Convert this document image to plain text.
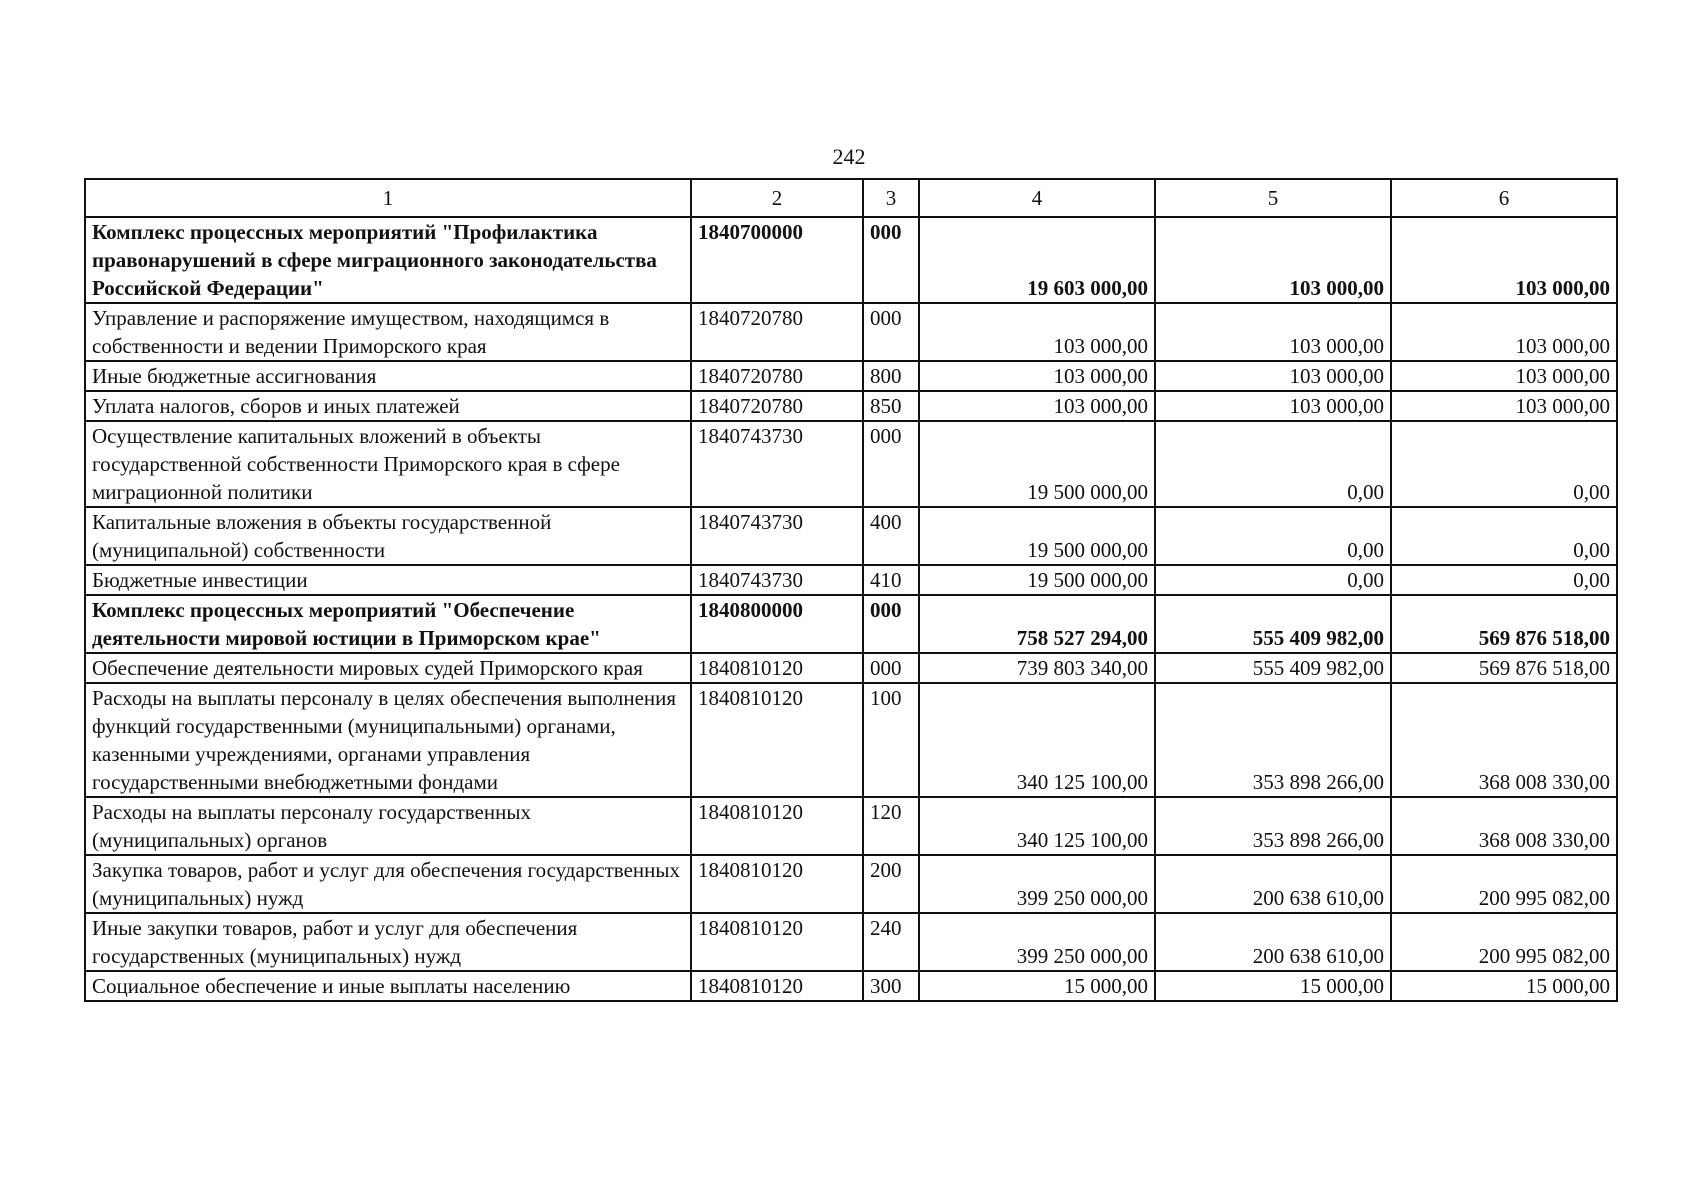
242
1	2	3	4	5	6
Комплекс процессных мероприятий "Профилактика правонарушений в сфере миграционного законодательства Российской Федерации"	1840700000	000	19 603 000,00	103 000,00	103 000,00
Управление и распоряжение имуществом, находящимся в собственности и ведении Приморского края	1840720780	000	103 000,00	103 000,00	103 000,00
Иные бюджетные ассигнования	1840720780	800	103 000,00	103 000,00	103 000,00
Уплата налогов, сборов и иных платежей	1840720780	850	103 000,00	103 000,00	103 000,00
Осуществление капитальных вложений в объекты государственной собственности Приморского края в сфере миграционной политики	1840743730	000	19 500 000,00	0,00	0,00
Капитальные вложения в объекты государственной (муниципальной) собственности	1840743730	400	19 500 000,00	0,00	0,00
Бюджетные инвестиции	1840743730	410	19 500 000,00	0,00	0,00
Комплекс процессных мероприятий "Обеспечение деятельности мировой юстиции в Приморском крае"	1840800000	000	758 527 294,00	555 409 982,00	569 876 518,00
Обеспечение деятельности мировых судей Приморского края	1840810120	000	739 803 340,00	555 409 982,00	569 876 518,00
Расходы на выплаты персоналу в целях обеспечения выполнения функций государственными (муниципальными) органами, казенными учреждениями, органами управления государственными внебюджетными фондами	1840810120	100	340 125 100,00	353 898 266,00	368 008 330,00
Расходы на выплаты персоналу государственных (муниципальных) органов	1840810120	120	340 125 100,00	353 898 266,00	368 008 330,00
Закупка товаров, работ и услуг для обеспечения государственных (муниципальных) нужд	1840810120	200	399 250 000,00	200 638 610,00	200 995 082,00
Иные закупки товаров, работ и услуг для обеспечения государственных (муниципальных) нужд	1840810120	240	399 250 000,00	200 638 610,00	200 995 082,00
Социальное обеспечение и иные выплаты населению	1840810120	300	15 000,00	15 000,00	15 000,00
